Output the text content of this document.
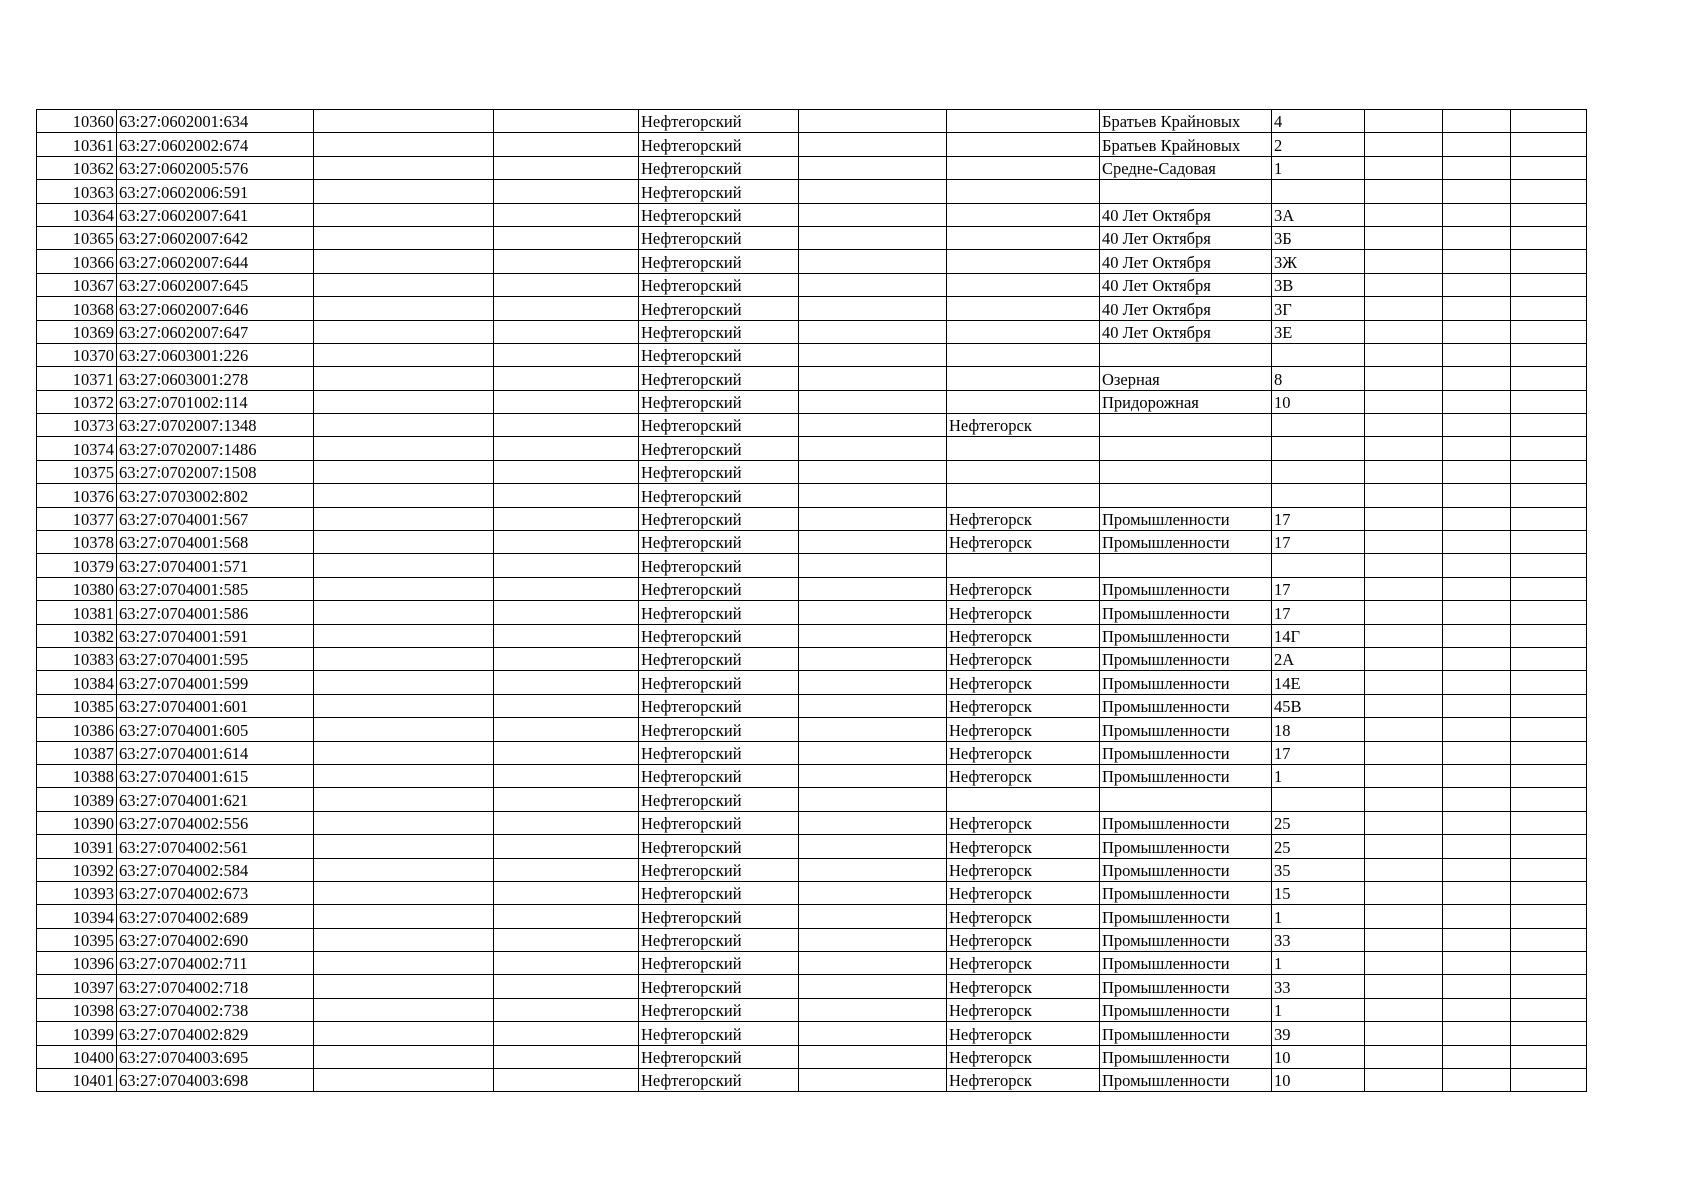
10360	63:27:0602001:634			Нефтегорский			Братьев Крайновых	4			
10361	63:27:0602002:674			Нефтегорский			Братьев Крайновых	2			
10362	63:27:0602005:576			Нефтегорский			Средне-Садовая	1			
10363	63:27:0602006:591			Нефтегорский							
10364	63:27:0602007:641			Нефтегорский			40 Лет Октября	3А			
10365	63:27:0602007:642			Нефтегорский			40 Лет Октября	3Б			
10366	63:27:0602007:644			Нефтегорский			40 Лет Октября	3Ж			
10367	63:27:0602007:645			Нефтегорский			40 Лет Октября	3В			
10368	63:27:0602007:646			Нефтегорский			40 Лет Октября	3Г			
10369	63:27:0602007:647			Нефтегорский			40 Лет Октября	3Е			
10370	63:27:0603001:226			Нефтегорский							
10371	63:27:0603001:278			Нефтегорский			Озерная	8			
10372	63:27:0701002:114			Нефтегорский			Придорожная	10			
10373	63:27:0702007:1348			Нефтегорский		Нефтегорск					
10374	63:27:0702007:1486			Нефтегорский							
10375	63:27:0702007:1508			Нефтегорский							
10376	63:27:0703002:802			Нефтегорский							
10377	63:27:0704001:567			Нефтегорский		Нефтегорск	Промышленности	17			
10378	63:27:0704001:568			Нефтегорский		Нефтегорск	Промышленности	17			
10379	63:27:0704001:571			Нефтегорский							
10380	63:27:0704001:585			Нефтегорский		Нефтегорск	Промышленности	17			
10381	63:27:0704001:586			Нефтегорский		Нефтегорск	Промышленности	17			
10382	63:27:0704001:591			Нефтегорский		Нефтегорск	Промышленности	14Г			
10383	63:27:0704001:595			Нефтегорский		Нефтегорск	Промышленности	2А			
10384	63:27:0704001:599			Нефтегорский		Нефтегорск	Промышленности	14Е			
10385	63:27:0704001:601			Нефтегорский		Нефтегорск	Промышленности	45В			
10386	63:27:0704001:605			Нефтегорский		Нефтегорск	Промышленности	18			
10387	63:27:0704001:614			Нефтегорский		Нефтегорск	Промышленности	17			
10388	63:27:0704001:615			Нефтегорский		Нефтегорск	Промышленности	1			
10389	63:27:0704001:621			Нефтегорский							
10390	63:27:0704002:556			Нефтегорский		Нефтегорск	Промышленности	25			
10391	63:27:0704002:561			Нефтегорский		Нефтегорск	Промышленности	25			
10392	63:27:0704002:584			Нефтегорский		Нефтегорск	Промышленности	35			
10393	63:27:0704002:673			Нефтегорский		Нефтегорск	Промышленности	15			
10394	63:27:0704002:689			Нефтегорский		Нефтегорск	Промышленности	1			
10395	63:27:0704002:690			Нефтегорский		Нефтегорск	Промышленности	33			
10396	63:27:0704002:711			Нефтегорский		Нефтегорск	Промышленности	1			
10397	63:27:0704002:718			Нефтегорский		Нефтегорск	Промышленности	33			
10398	63:27:0704002:738			Нефтегорский		Нефтегорск	Промышленности	1			
10399	63:27:0704002:829			Нефтегорский		Нефтегорск	Промышленности	39			
10400	63:27:0704003:695			Нефтегорский		Нефтегорск	Промышленности	10			
10401	63:27:0704003:698			Нефтегорский		Нефтегорск	Промышленности	10			
